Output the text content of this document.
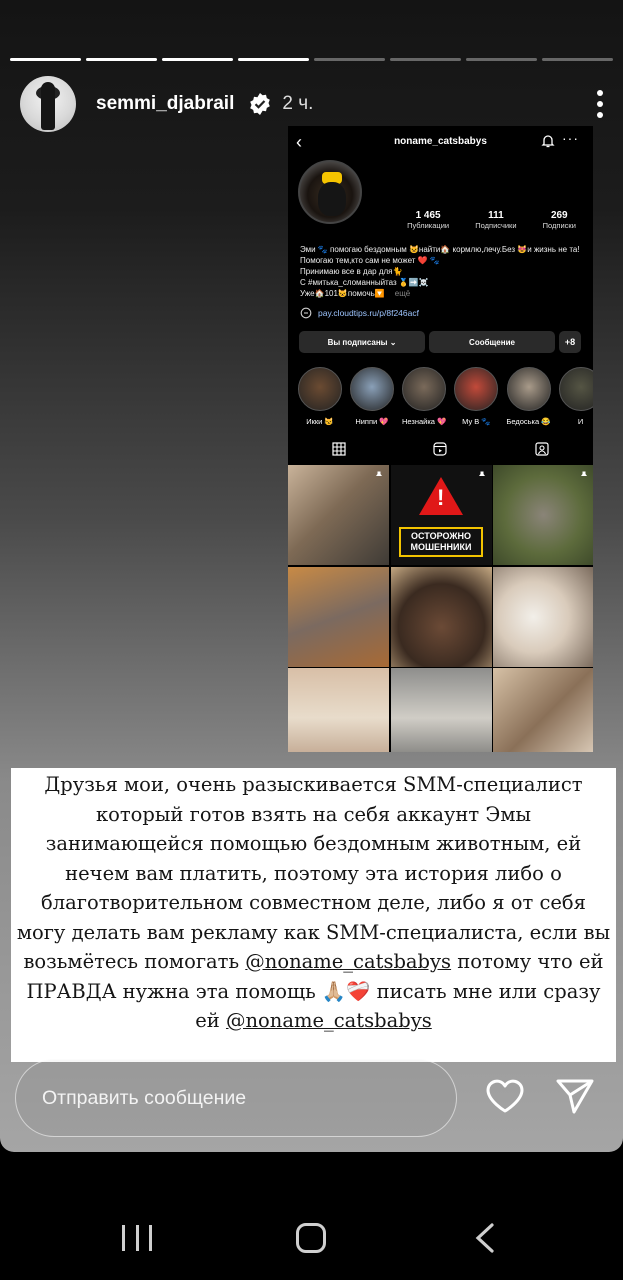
semmi_djabrail	2 ч.
‹	noname_catsbabys	···
1 465
Публикации
111
Подписчики
269
Подписки
Эми 🐾 помогаю бездомным 😺найти🏠 кормлю,лечу.Без 😻и жизнь не та!
Помогаю тем,кто сам не может ❤️ 🐾
Принимаю все в дар для🐈
С #митька_сломанныйтаз 🥇➡️☠️
Уже🏠101😺помочь🔽 ещё
pay.cloudtips.ru/p/8f246acf
Вы подписаны ⌄	Сообщение	+8
Икки 😼	Ниппи 💖	Незнайка 💖	Му В 🐾	Бедоська 😂	И
!
ОСТОРОЖНО МОШЕННИКИ
Друзья мои, очень разыскивается SMM-специалист который готов взять на себя аккаунт Эмы занимающейся помощью бездомным животным, ей нечем вам платить, поэтому эта история либо о благотворительном совместном деле, либо я от себя могу делать вам рекламу как SMM-специалиста, если вы возьмётесь помогать @noname_catsbabys потому что ей ПРАВДА нужна эта помощь 🙏🏼❤️‍🩹 писать мне или сразу ей @noname_catsbabys
Отправить сообщение
